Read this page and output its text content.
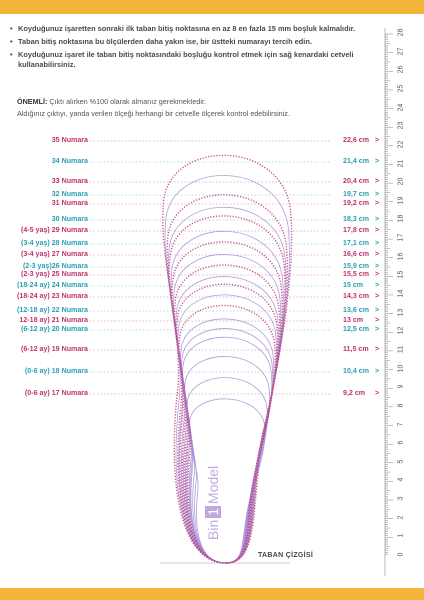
• Koyduğunuz işaretten sonraki ilk taban bitiş noktasına en az 8 en fazla 15 mm boşluk kalmalıdır.
• Taban bitiş noktasına bu ölçülerden daha yakın ise, bir üstteki numarayı tercih edin.
• Koyduğunuz işaret ile taban bitiş noktasındaki boşluğu kontrol etmek için sağ kenardaki cetveli kullanabilirsiniz.
ÖNEMLİ: Çıktı alırken %100 olarak almanız gerekmektedir.
Aldığınız çıktıyı, yanda verilen ölçeği herhangi bir cetvelle ölçerek kontrol edebilirsiniz.
35 Numara	22,6 cm >
34 Numara	21,4 cm >
33 Numara	20,4 cm >
32 Numara	19,7 cm >
31 Numara	19,2 cm >
30 Numara	18,3 cm >
(4-5 yaş) 29 Numara	17,8 cm >
(3-4 yaş) 28 Numara	17,1 cm >
(3-4 yaş) 27 Numara	16,6 cm >
(2-3 yaş)26 Numara	15,9 cm >
(2-3 yaş) 25 Numara	15,5 cm >
(18-24 ay) 24 Numara	15 cm >
(18-24 ay) 23 Numara	14,3 cm >
(12-18 ay) 22 Numara	13,6 cm >
12-18 ay) 21 Numara	13 cm >
(6-12 ay) 20 Numara	12,5 cm >
(6-12 ay) 19 Numara	11,5 cm >
(0-6 ay) 18 Numara	10,4 cm >
(0-6 ay) 17 Numara	9,2 cm >
28
27
26
25
24
23
22
21
20
19
18
17
16
15
14
13
12
11
10
9
8
7
6
5
4
3
2
1
0
Bin1Model
TABAN ÇİZGİSİ
